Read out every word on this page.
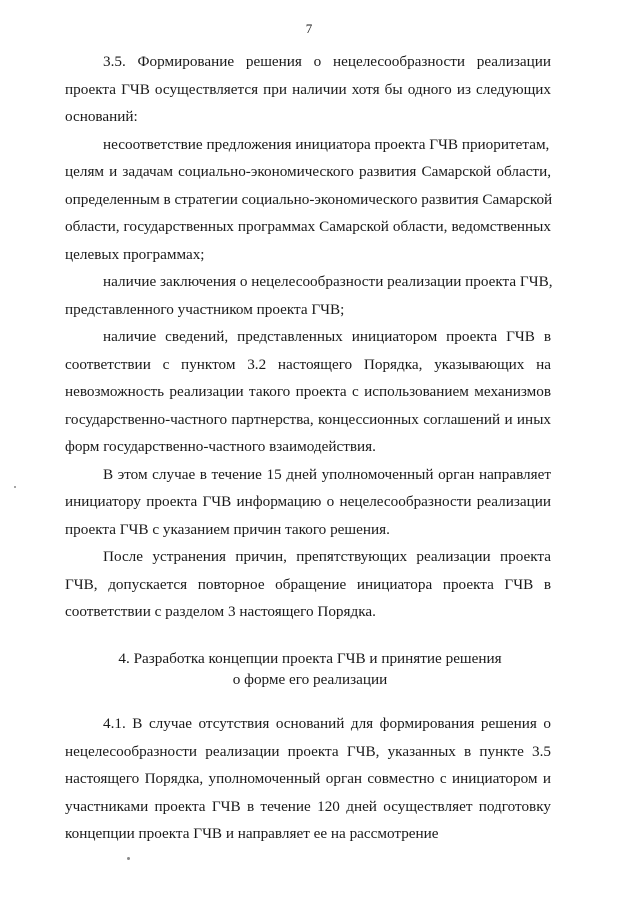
7
3.5. Формирование решения о нецелесообразности реализации
проекта ГЧВ осуществляется при наличии хотя бы одного из следующих
оснований:
несоответствие предложения инициатора проекта ГЧВ приоритетам,
целям и задачам социально-экономического развития Самарской области,
определенным в стратегии социально-экономического развития Самарской
области, государственных программах Самарской области, ведомственных
целевых программах;
наличие заключения о нецелесообразности реализации проекта ГЧВ,
представленного участником проекта ГЧВ;
наличие сведений, представленных инициатором проекта ГЧВ в
соответствии с пунктом 3.2 настоящего Порядка, указывающих на
невозможность реализации такого проекта с использованием механизмов
государственно-частного партнерства, концессионных соглашений и иных
форм государственно-частного взаимодействия.
В этом случае в течение 15 дней уполномоченный орган направляет
инициатору проекта ГЧВ информацию о нецелесообразности реализации
проекта ГЧВ с указанием причин такого решения.
После устранения причин, препятствующих реализации проекта
ГЧВ, допускается повторное обращение инициатора проекта ГЧВ в
соответствии с разделом 3 настоящего Порядка.
4. Разработка концепции проекта ГЧВ и принятие решения
о форме его реализации
4.1. В случае отсутствия оснований для формирования решения о
нецелесообразности реализации проекта ГЧВ, указанных в пункте 3.5
настоящего Порядка, уполномоченный орган совместно с инициатором и
участниками проекта ГЧВ в течение 120 дней осуществляет подготовку
концепции проекта ГЧВ и направляет ее на рассмотрение
